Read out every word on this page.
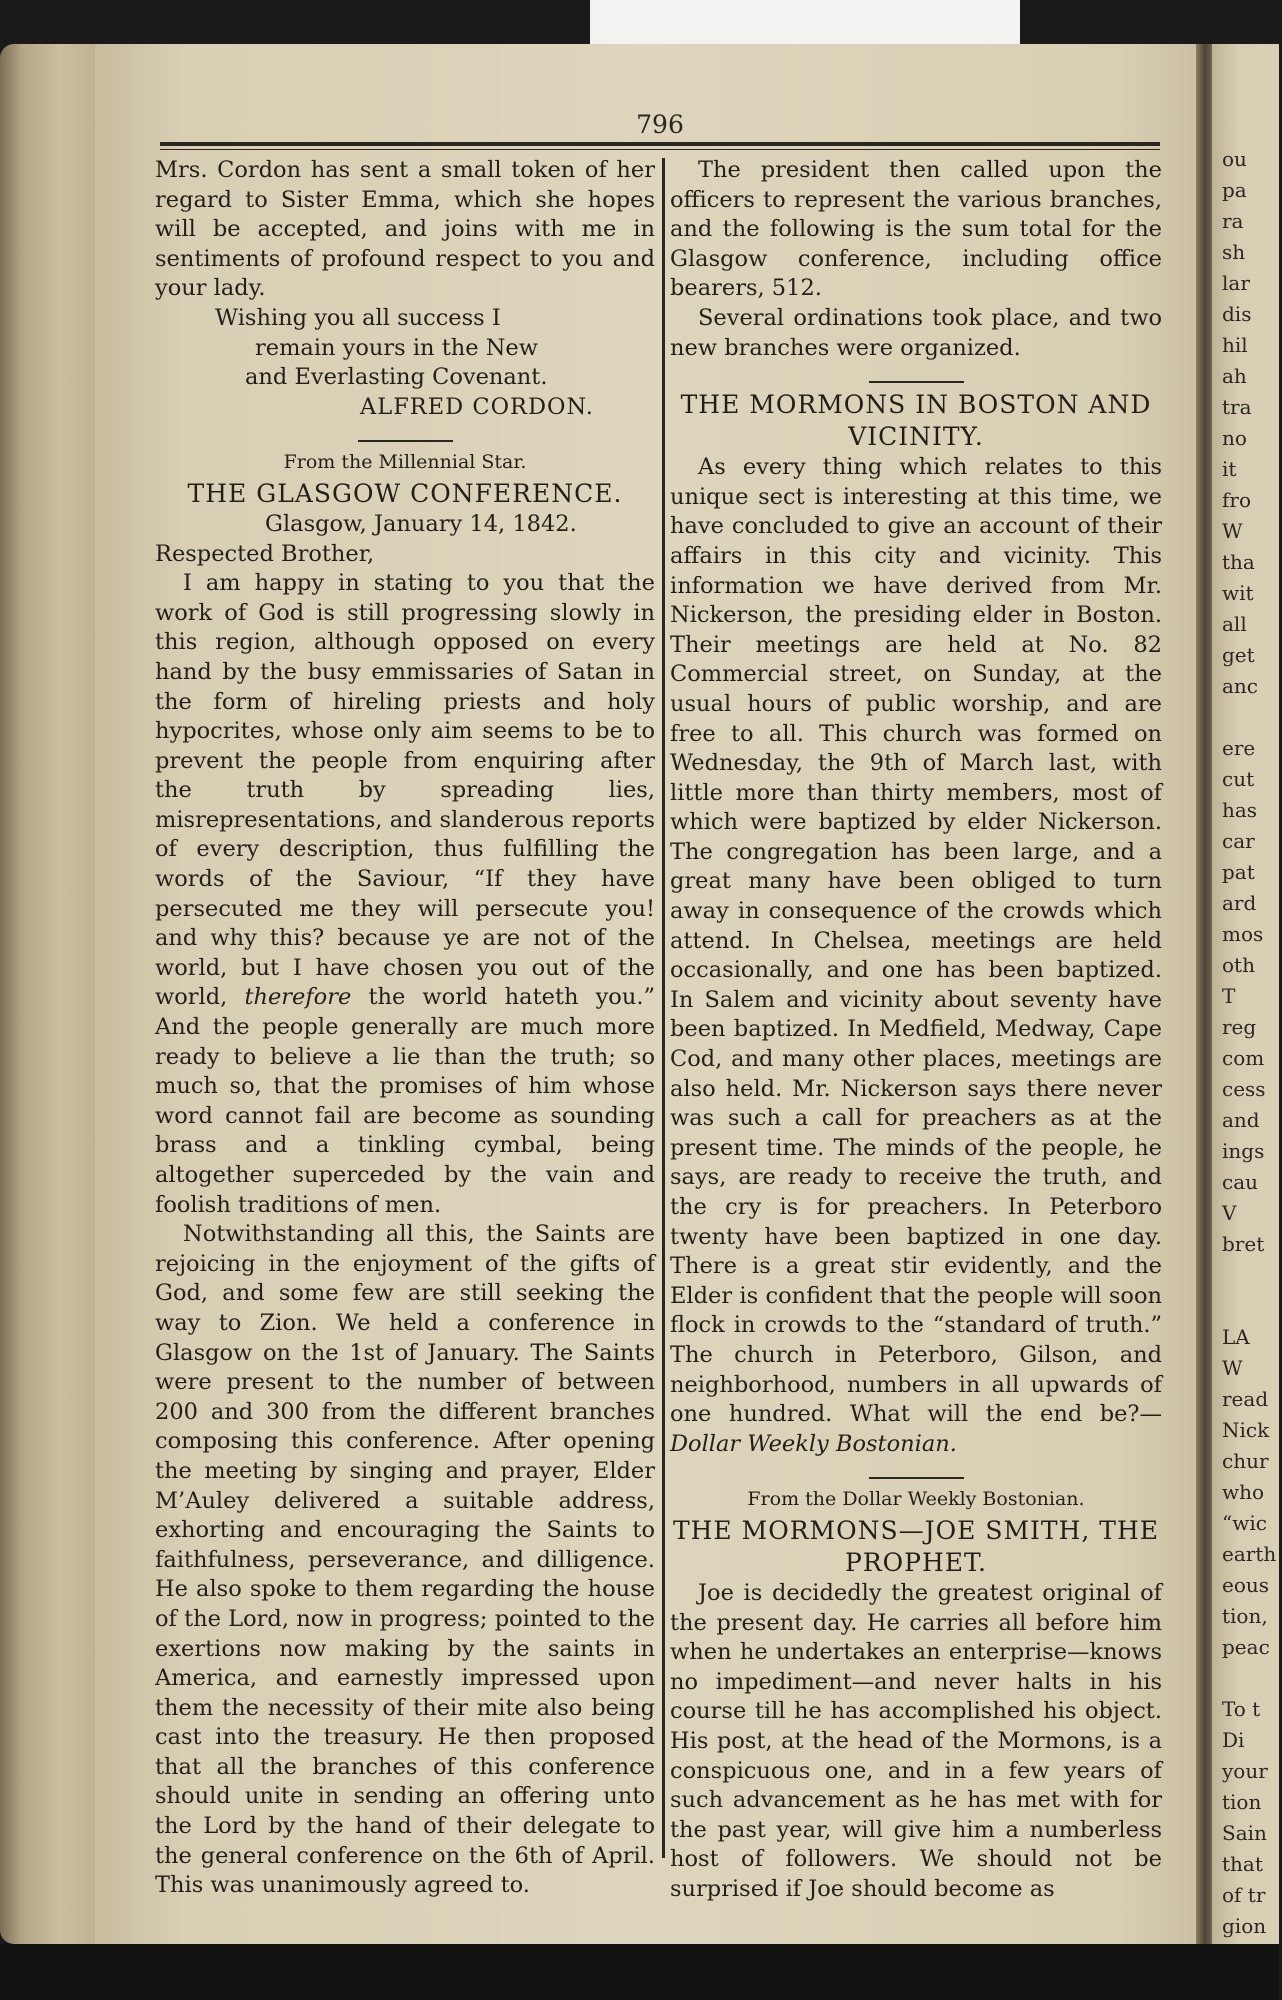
ou
pa
ra
sh
lar
dis
hil
ah
tra
no
it
fro
W
tha
wit
all
get
anc

ere
cut
has
car
pat
ard
mos
oth
T
reg
com
cess
and
ings
cau
V
bret

LA
W
read
Nick
chur
who
“wic
earth
eous
tion,
peac

To t
Di
your
tion
Sain
that
of tr
gion

796

Mrs. Cordon has sent a small token of her regard to Sister Emma, which she hopes will be accepted, and joins with me in sentiments of profound respect to you and your lady.

Wishing you all success I

remain yours in the New

and Everlasting Covenant.

ALFRED CORDON.

From the Millennial Star.

THE GLASGOW CONFERENCE.

Glasgow, January 14, 1842.

Respected Brother,

I am happy in stating to you that the work of God is still progressing slowly in this region, although opposed on every hand by the busy emmissaries of Satan in the form of hireling priests and holy hypocrites, whose only aim seems to be to prevent the people from enquiring after the truth by spreading lies, misrepresentations, and slanderous reports of every description, thus fulfilling the words of the Saviour, “If they have persecuted me they will persecute you! and why this? because ye are not of the world, but I have chosen you out of the world, therefore the world hateth you.” And the people generally are much more ready to believe a lie than the truth; so much so, that the promises of him whose word cannot fail are become as sounding brass and a tinkling cymbal, being altogether superceded by the vain and foolish traditions of men.

Notwithstanding all this, the Saints are rejoicing in the enjoyment of the gifts of God, and some few are still seeking the way to Zion. We held a conference in Glasgow on the 1st of January. The Saints were present to the number of between 200 and 300 from the different branches composing this conference. After opening the meeting by singing and prayer, Elder M’Auley delivered a suitable address, exhorting and encouraging the Saints to faithfulness, perseverance, and dilligence. He also spoke to them regarding the house of the Lord, now in progress; pointed to the exertions now making by the saints in America, and earnestly impressed upon them the necessity of their mite also being cast into the treasury. He then proposed that all the branches of this conference should unite in sending an offering unto the Lord by the hand of their delegate to the general conference on the 6th of April. This was unanimously agreed to.

The president then called upon the officers to represent the various branches, and the following is the sum total for the Glasgow conference, including office bearers, 512.

Several ordinations took place, and two new branches were organized.

THE MORMONS IN BOSTON AND VICINITY.

As every thing which relates to this unique sect is interesting at this time, we have concluded to give an account of their affairs in this city and vicinity. This information we have derived from Mr. Nickerson, the presiding elder in Boston. Their meetings are held at No. 82 Commercial street, on Sunday, at the usual hours of public worship, and are free to all. This church was formed on Wednesday, the 9th of March last, with little more than thirty members, most of which were baptized by elder Nickerson. The congregation has been large, and a great many have been obliged to turn away in consequence of the crowds which attend. In Chelsea, meetings are held occasionally, and one has been baptized. In Salem and vicinity about seventy have been baptized. In Medfield, Medway, Cape Cod, and many other places, meetings are also held. Mr. Nickerson says there never was such a call for preachers as at the present time. The minds of the people, he says, are ready to receive the truth, and the cry is for preachers. In Peterboro twenty have been baptized in one day. There is a great stir evidently, and the Elder is confident that the people will soon flock in crowds to the “standard of truth.” The church in Peterboro, Gilson, and neighborhood, numbers in all upwards of one hundred. What will the end be?—Dollar Weekly Bostonian.

From the Dollar Weekly Bostonian.

THE MORMONS—JOE SMITH, THE PROPHET.

Joe is decidedly the greatest original of the present day. He carries all before him when he undertakes an enterprise—knows no impediment—and never halts in his course till he has accomplished his object. His post, at the head of the Mormons, is a conspicuous one, and in a few years of such advancement as he has met with for the past year, will give him a numberless host of followers. We should not be surprised if Joe should become as
